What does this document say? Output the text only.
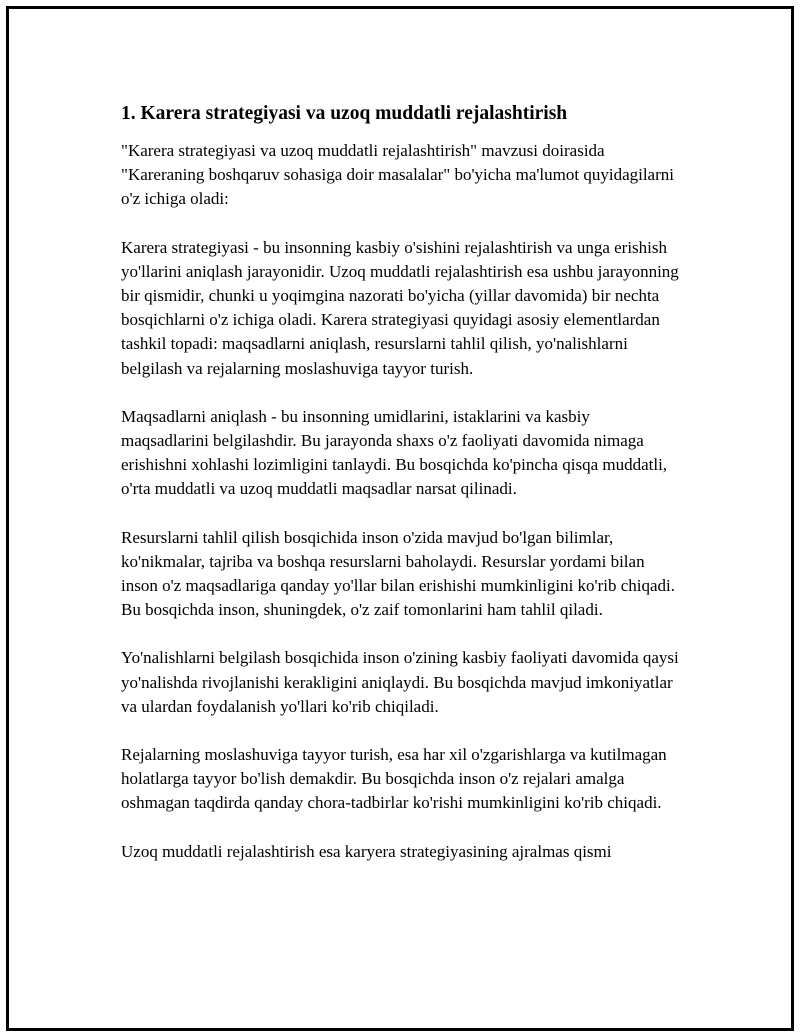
1. Karera strategiyasi va uzoq muddatli rejalashtirish

"Karera strategiyasi va uzoq muddatli rejalashtirish" mavzusi doirasida "Kareraning boshqaruv sohasiga doir masalalar" bo'yicha ma'lumot quyidagilarni o'z ichiga oladi:

Karera strategiyasi - bu insonning kasbiy o'sishini rejalashtirish va unga erishish yo'llarini aniqlash jarayonidir. Uzoq muddatli rejalashtirish esa ushbu jarayonning bir qismidir, chunki u yoqimgina nazorati bo'yicha (yillar davomida) bir nechta bosqichlarni o'z ichiga oladi. Karera strategiyasi quyidagi asosiy elementlardan tashkil topadi: maqsadlarni aniqlash, resurslarni tahlil qilish, yo'nalishlarni belgilash va rejalarning moslashuviga tayyor turish.

Maqsadlarni aniqlash - bu insonning umidlarini, istaklarini va kasbiy maqsadlarini belgilashdir. Bu jarayonda shaxs o'z faoliyati davomida nimaga erishishni xohlashi lozimligini tanlaydi. Bu bosqichda ko'pincha qisqa muddatli, o'rta muddatli va uzoq muddatli maqsadlar narsat qilinadi.

Resurslarni tahlil qilish bosqichida inson o'zida mavjud bo'lgan bilimlar, ko'nikmalar, tajriba va boshqa resurslarni baholaydi. Resurslar yordami bilan inson o'z maqsadlariga qanday yo'llar bilan erishishi mumkinligini ko'rib chiqadi. Bu bosqichda inson, shuningdek, o'z zaif tomonlarini ham tahlil qiladi.

Yo'nalishlarni belgilash bosqichida inson o'zining kasbiy faoliyati davomida qaysi yo'nalishda rivojlanishi kerakligini aniqlaydi. Bu bosqichda mavjud imkoniyatlar va ulardan foydalanish yo'llari ko'rib chiqiladi.

Rejalarning moslashuviga tayyor turish, esa har xil o'zgarishlarga va kutilmagan holatlarga tayyor bo'lish demakdir. Bu bosqichda inson o'z rejalari amalga oshmagan taqdirda qanday chora-tadbirlar ko'rishi mumkinligini ko'rib chiqadi.

Uzoq muddatli rejalashtirish esa karyera strategiyasining ajralmas qismi
